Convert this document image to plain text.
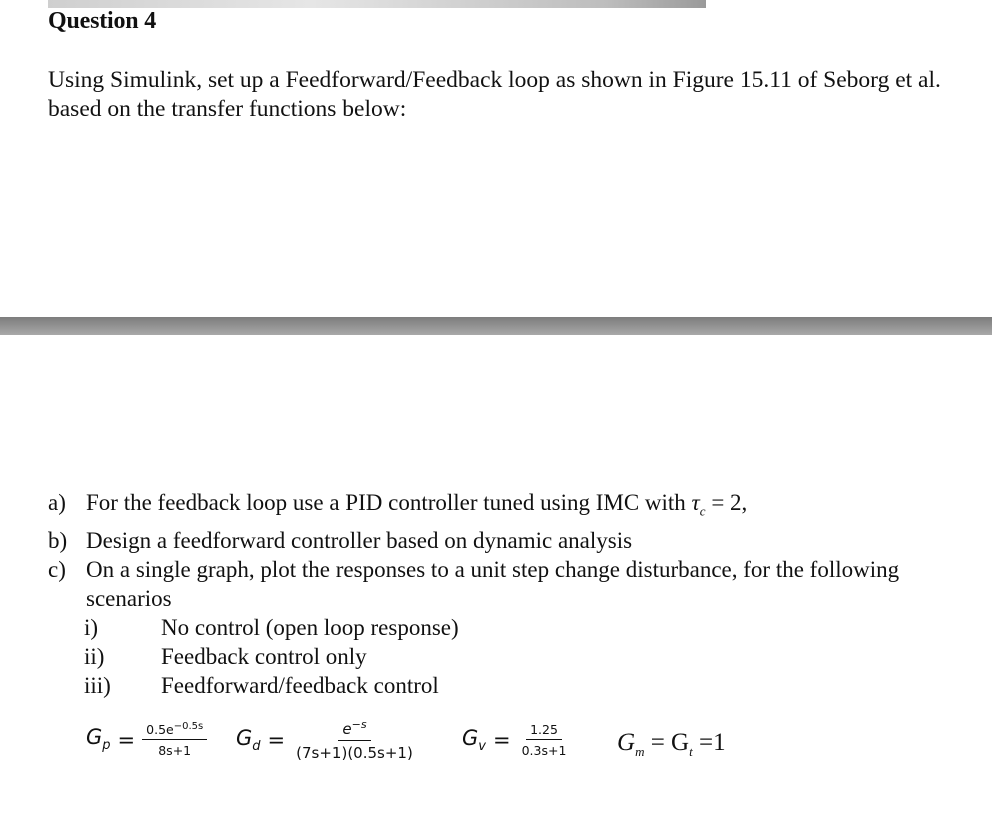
Question 4
Using Simulink, set up a Feedforward/Feedback loop as shown in Figure 15.11 of Seborg et al. based on the transfer functions below:
a) For the feedback loop use a PID controller tuned using IMC with $\tau_c = 2$,
b) Design a feedforward controller based on dynamic analysis
c) On a single graph, plot the responses to a unit step change disturbance, for the following scenarios
i)	No control (open loop response)
ii) Feedback control only
iii) Feedforward/feedback control
$G_p = \frac{0.5e^{-0.5s}}{8s+1} G_d = \frac{e^{-s}}{(7s+1)(0.5s+1)} G_v = \frac{1.25}{0.3s+1} G_m = G_t =1$
